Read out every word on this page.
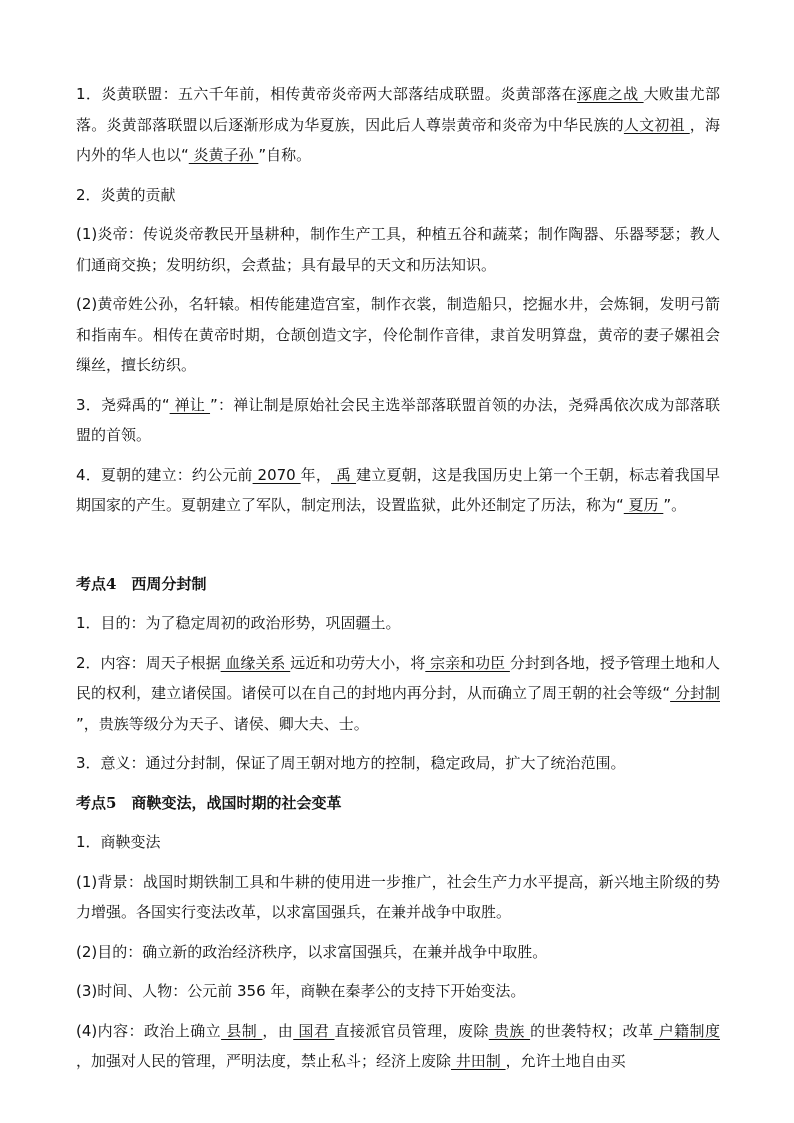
1．炎黄联盟：五六千年前，相传黄帝炎帝两大部落结成联盟。炎黄部落在涿鹿之战 大败蚩尤部落。炎黄部落联盟以后逐渐形成为华夏族，因此后人尊崇黄帝和炎帝为中华民族的人文初祖 ，海内外的华人也以“ 炎黄子孙 ”自称。

2．炎黄的贡献

(1)炎帝：传说炎帝教民开垦耕种，制作生产工具，种植五谷和蔬菜；制作陶器、乐器琴瑟；教人们通商交换；发明纺织，会煮盐；具有最早的天文和历法知识。

(2)黄帝姓公孙，名轩辕。相传能建造宫室，制作衣裳，制造船只，挖掘水井，会炼铜，发明弓箭和指南车。相传在黄帝时期，仓颉创造文字，伶伦制作音律，隶首发明算盘，黄帝的妻子嫘祖会缫丝，擅长纺织。

3．尧舜禹的“ 禅让 ”：禅让制是原始社会民主选举部落联盟首领的办法，尧舜禹依次成为部落联盟的首领。

4．夏朝的建立：约公元前 2070 年， 禹 建立夏朝，这是我国历史上第一个王朝，标志着我国早期国家的产生。夏朝建立了军队，制定刑法，设置监狱，此外还制定了历法，称为“ 夏历 ”。

考点4　西周分封制

1．目的：为了稳定周初的政治形势，巩固疆土。

2．内容：周天子根据 血缘关系 远近和功劳大小，将 宗亲和功臣 分封到各地，授予管理土地和人民的权利，建立诸侯国。诸侯可以在自己的封地内再分封，从而确立了周王朝的社会等级“ 分封制 ”，贵族等级分为天子、诸侯、卿大夫、士。

3．意义：通过分封制，保证了周王朝对地方的控制，稳定政局，扩大了统治范围。

考点5　商鞅变法，战国时期的社会变革

1．商鞅变法

(1)背景：战国时期铁制工具和牛耕的使用进一步推广，社会生产力水平提高，新兴地主阶级的势力增强。各国实行变法改革，以求富国强兵，在兼并战争中取胜。

(2)目的：确立新的政治经济秩序，以求富国强兵，在兼并战争中取胜。

(3)时间、人物：公元前 356 年，商鞅在秦孝公的支持下开始变法。

(4)内容：政治上确立 县制 ，由 国君 直接派官员管理，废除 贵族 的世袭特权；改革 户籍制度 ，加强对人民的管理，严明法度，禁止私斗；经济上废除 井田制 ，允许土地自由买
